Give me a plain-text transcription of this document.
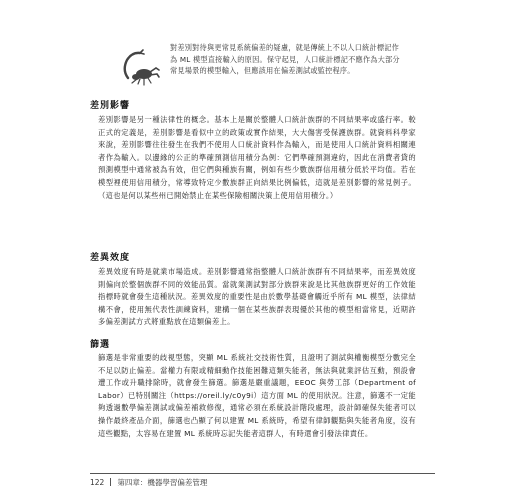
對差別對待與更常見系統偏差的疑慮，就是傳統上不以人口統計標記作為 ML 模型直接輸入的原因。保守起見，人口統計標記不應作為大部分常見場景的模型輸入，但應該用在偏差測試或監控程序。
差別影響
差別影響是另一種法律性的概念。基本上是關於整體人口統計族群的不同結果率或盛行率。較正式的定義是，差別影響是看似中立的政策或實作結果，大大傷害受保護族群。就資料科學家來說，差別影響往往發生在我們不使用人口統計資料作為輸入，而是使用人口統計資料相關連者作為輸入。以邊緣的公正的準確預測信用積分為例：它們準確預測違約，因此在消費者貸的預測模型中通常被為有效，但它們與種族有關，例如有些少數族群信用積分低於平均值。若在模型裡使用信用積分，常導致特定少數族群正向結果比例偏低，這就是差別影響的常見例子。（這也是何以某些州已開始禁止在某些保險相關決策上使用信用積分。）
差異效度
差異效度有時是就業市場造成。差別影響通常指整體人口統計族群有不同結果率，而差異效度則偏向於整個族群不同的效能品質。當就業測試對部分族群來說是比其他族群更好的工作效能指標時就會發生這種狀況。差異效度的重要性是由於數學基礎會觸近乎所有 ML 模型，法律結構不會，使用無代表性訓練資料，建構一個在某些族群表現優於其他的模型相當常見，近期許多偏差測試方式將重點放在這類偏差上。
篩選
篩選是非常重要的歧視型態，突顯 ML 系統社交技術性質，且證明了測試與權衡模型分數完全不足以防止偏差。當權力有限或精細動作技能困難這類失能者，無法與就業評估互動，預設會遭工作或升職排除時，就會發生篩選。篩選是嚴重議題，EEOC 與勞工部（Department of Labor）已特別關注（https://oreil.ly/c0y9i）這方面 ML 的使用狀況。注意，篩選不一定能夠透過數學偏差測試或偏差補救修復，通常必須在系統設計階段處理，設計師確保失能者可以操作最終產品介面，篩選也凸顯了何以建置 ML 系統時，希望有律師觀點與失能者角度，沒有這些觀點，太容易在建置 ML 系統時忘記失能者這群人，有時還會引發法律責任。
122 第四章：機器學習偏差管理
